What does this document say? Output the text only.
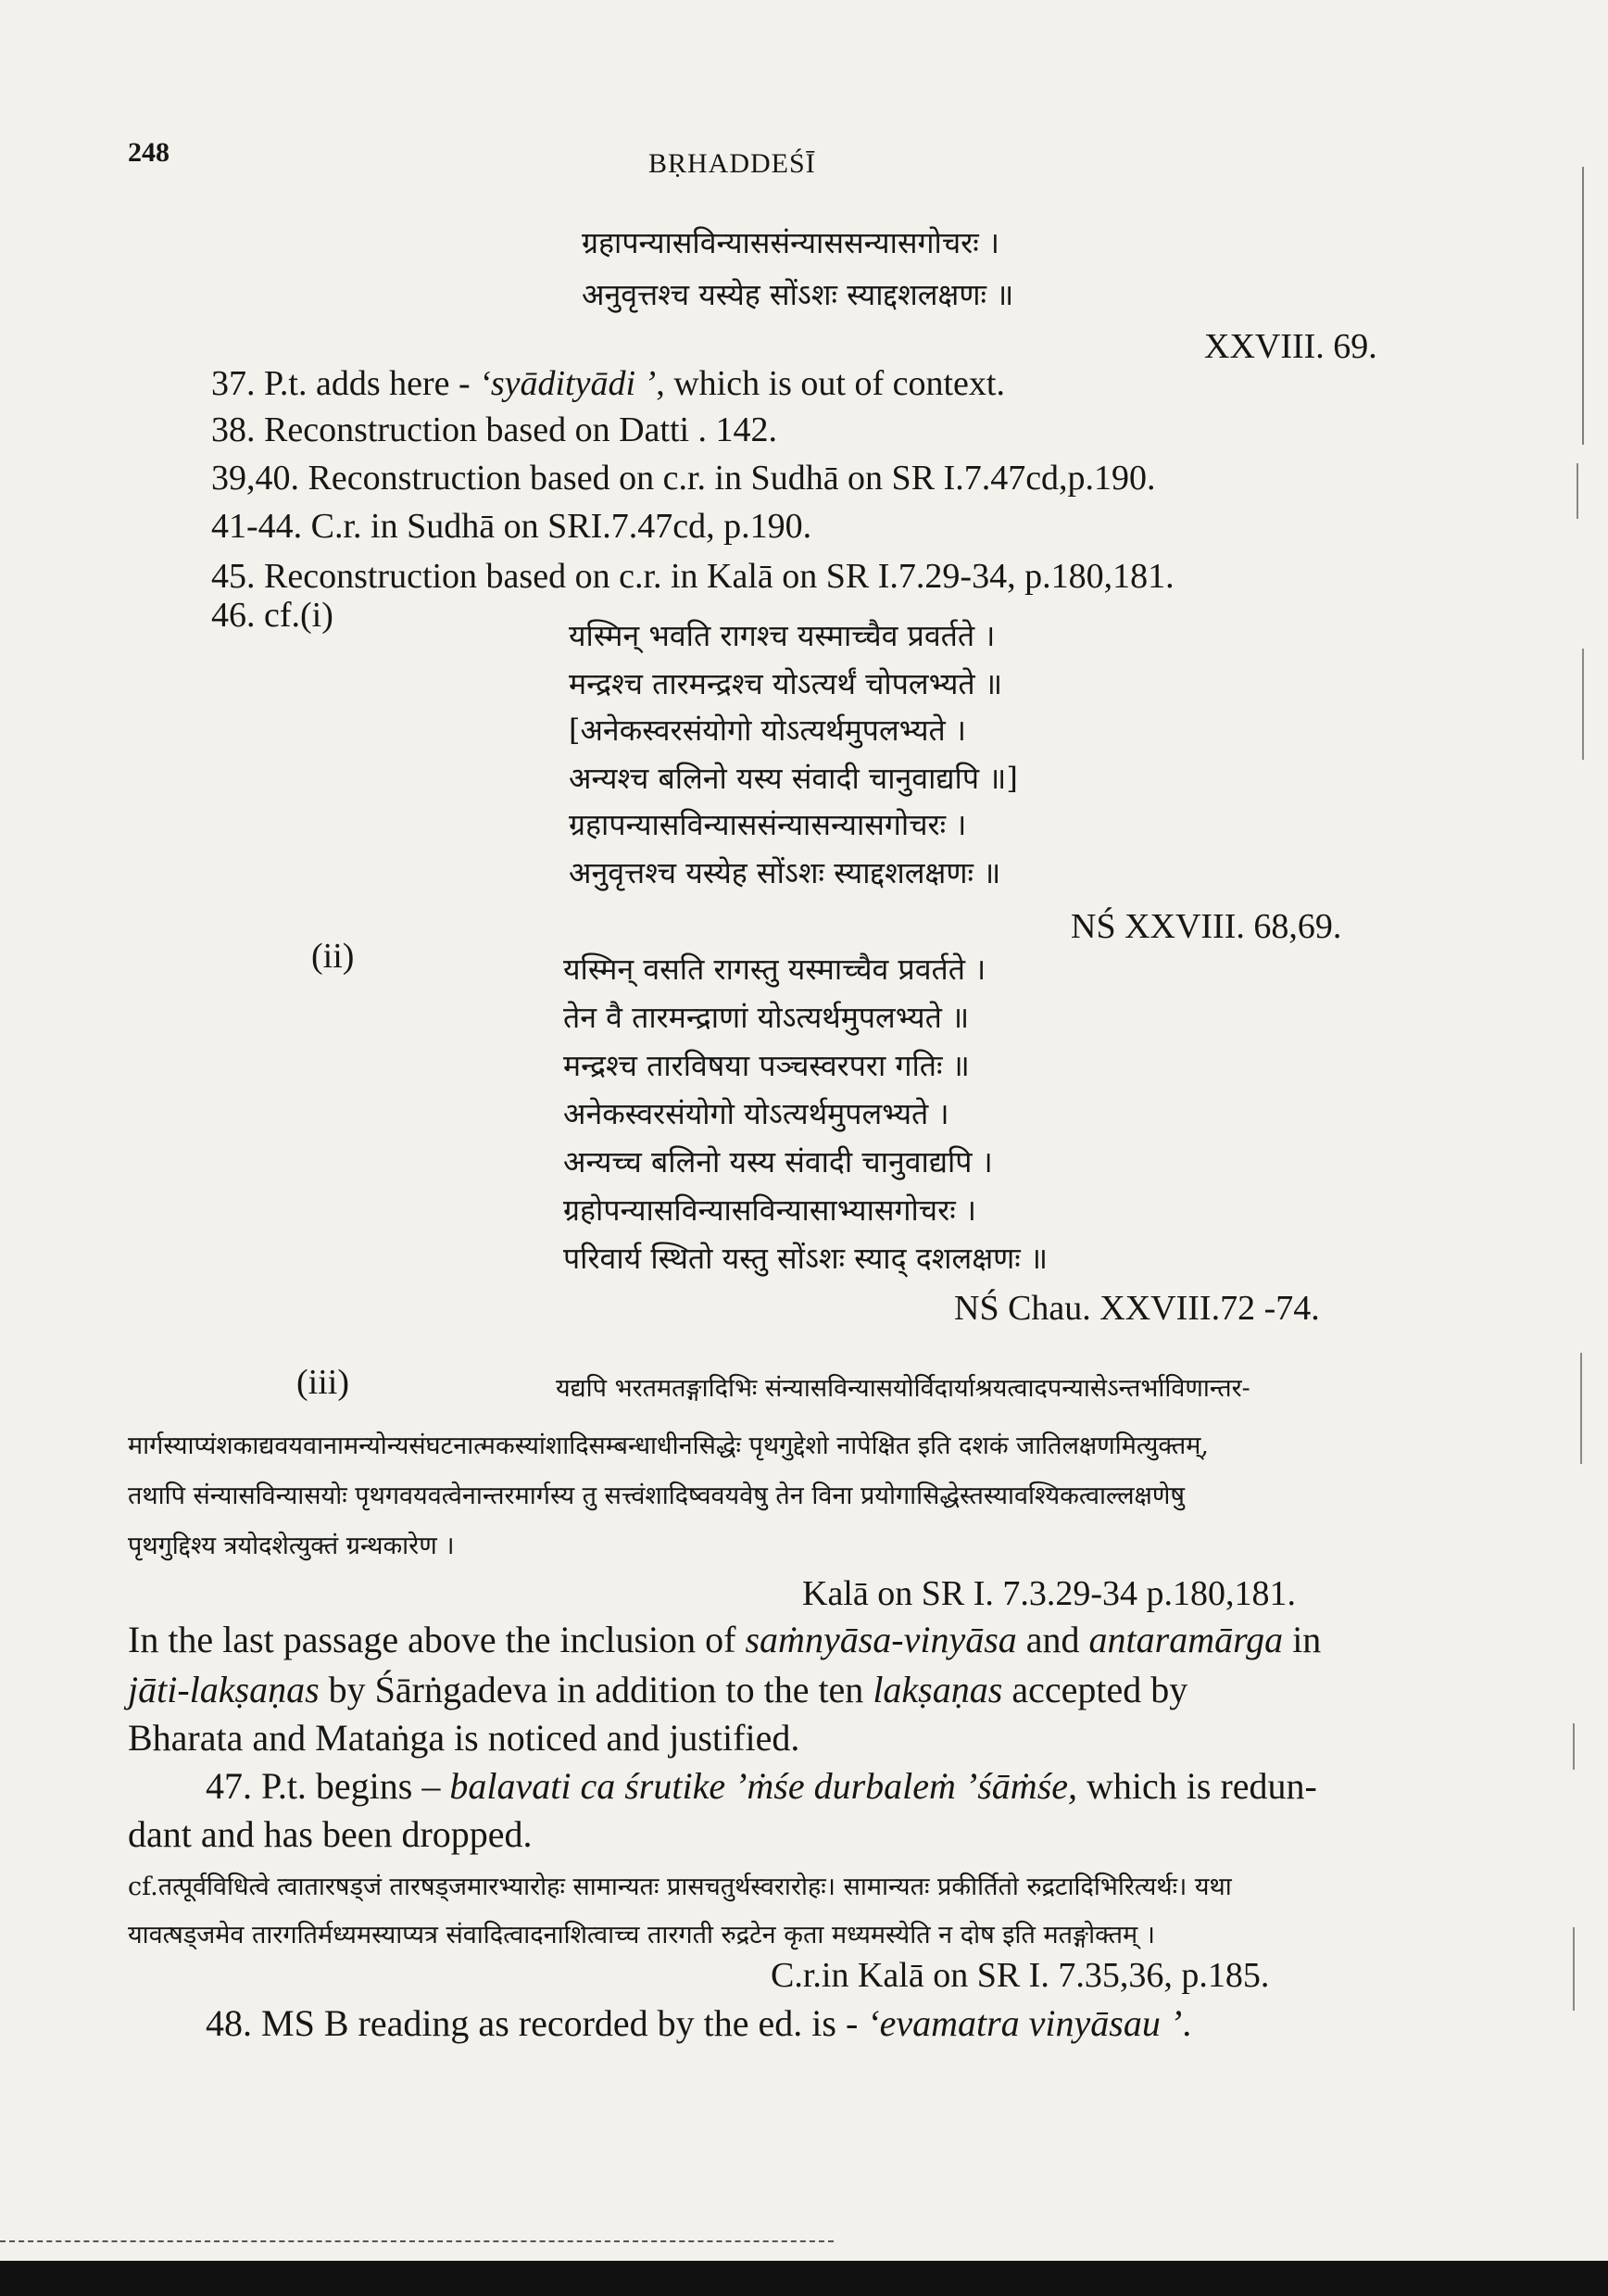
248	BṚHADDEŚĪ
ग्रहापन्यासविन्याससंन्याससन्यासगोचरः ।
अनुवृत्तश्च यस्येह सोंऽशः स्याद्दशलक्षणः ॥
XXVIII. 69.
37. P.t. adds here - ‘syādityādi ’, which is out of context.
38. Reconstruction based on Datti . 142.
39,40. Reconstruction based on c.r. in Sudhā on SR I.7.47cd,p.190.
41-44. C.r. in Sudhā on SRI.7.47cd, p.190.
45. Reconstruction based on c.r. in Kalā on SR I.7.29-34, p.180,181.
46. cf.(i)
यस्मिन् भवति रागश्च यस्माच्चैव प्रवर्तते ।
मन्द्रश्च तारमन्द्रश्च योऽत्यर्थं चोपलभ्यते ॥
[अनेकस्वरसंयोगो योऽत्यर्थमुपलभ्यते ।
अन्यश्च बलिनो यस्य संवादी चानुवाद्यपि ॥]
ग्रहापन्यासविन्याससंन्यासन्यासगोचरः ।
अनुवृत्तश्च यस्येह सोंऽशः स्याद्दशलक्षणः ॥
NŚ XXVIII. 68,69.
(ii)	यस्मिन् वसति रागस्तु यस्माच्चैव प्रवर्तते ।
तेन वै तारमन्द्राणां योऽत्यर्थमुपलभ्यते ॥
मन्द्रश्च तारविषया पञ्चस्वरपरा गतिः ॥
अनेकस्वरसंयोगो योऽत्यर्थमुपलभ्यते ।
अन्यच्च बलिनो यस्य संवादी चानुवाद्यपि ।
ग्रहोपन्यासविन्यासविन्यासाभ्यासगोचरः ।
परिवार्य स्थितो यस्तु सोंऽशः स्याद् दशलक्षणः ॥
NŚ Chau. XXVIII.72 -74.
(iii)	यद्यपि भरतमतङ्गादिभिः संन्यासविन्यासयोर्विदार्याश्रयत्वादपन्यासेऽन्तर्भाविणान्तर-
मार्गस्याप्यंशकाद्यवयवानामन्योन्यसंघटनात्मकस्यांशादिसम्बन्धाधीनसिद्धेः पृथगुद्देशो नापेक्षित इति दशकं जातिलक्षणमित्युक्तम्,
तथापि संन्यासविन्यासयोः पृथगवयवत्वेनान्तरमार्गस्य तु सत्त्वंशादिष्ववयवेषु तेन विना प्रयोगासिद्धेस्तस्यावश्यिकत्वाल्लक्षणेषु
पृथगुद्दिश्य त्रयोदशेत्युक्तं ग्रन्थकारेण ।
Kalā on SR I. 7.3.29-34 p.180,181.
In the last passage above the inclusion of saṁnyāsa-vinyāsa and antaramārga in
jāti-lakṣaṇas by Śārṅgadeva in addition to the ten lakṣaṇas accepted by
Bharata and Mataṅga is noticed and justified.
47. P.t. begins – balavati ca śrutike ’ṁśe durbaleṁ ’śāṁśe, which is redun-
dant and has been dropped.
cf.तत्पूर्वविधित्वे त्वातारषड्जं तारषड्जमारभ्यारोहः सामान्यतः प्रासचतुर्थस्वरारोहः। सामान्यतः प्रकीर्तितो रुद्रटादिभिरित्यर्थः। यथा
यावत्षड्जमेव तारगतिर्मध्यमस्याप्यत्र संवादित्वादनाशित्वाच्च तारगती रुद्रटेन कृता मध्यमस्येति न दोष इति मतङ्गोक्तम् ।
C.r.in Kalā on SR I. 7.35,36, p.185.
48. MS B reading as recorded by the ed. is - ‘evamatra vinyāsau ’.
